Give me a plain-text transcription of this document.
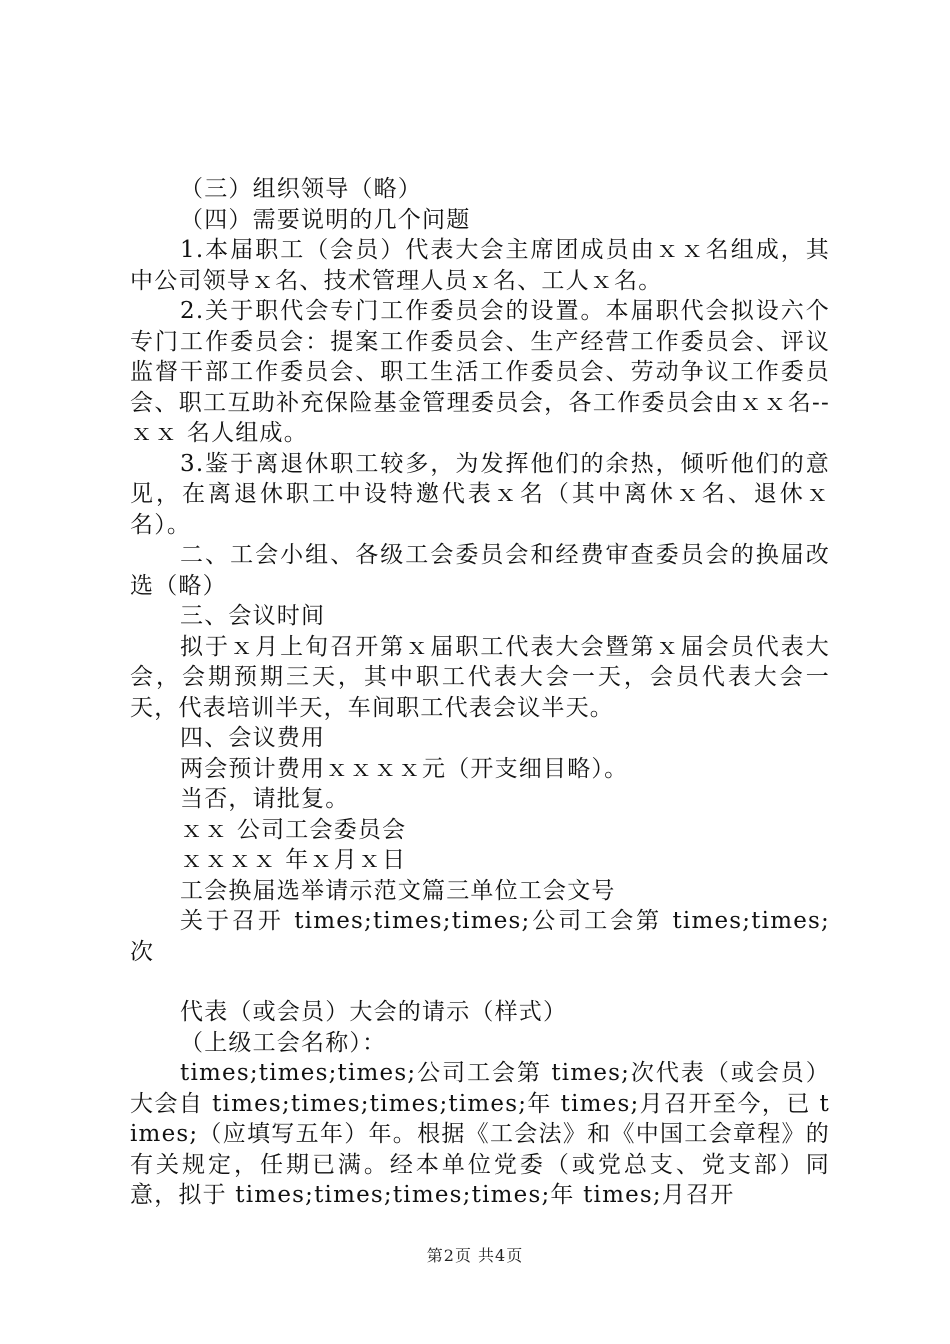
（三）组织领导（略）

（四）需要说明的几个问题

1.本届职工（会员）代表大会主席团成员由ｘｘ名组成，其中公司领导ｘ名、技术管理人员ｘ名、工人ｘ名。

2.关于职代会专门工作委员会的设置。本届职代会拟设六个专门工作委员会：提案工作委员会、生产经营工作委员会、评议监督干部工作委员会、职工生活工作委员会、劳动争议工作委员会、职工互助补充保险基金管理委员会，各工作委员会由ｘｘ名--ｘｘ 名人组成。

3.鉴于离退休职工较多，为发挥他们的余热，倾听他们的意见，在离退休职工中设特邀代表ｘ名（其中离休ｘ名、退休ｘ名）。

二、工会小组、各级工会委员会和经费审查委员会的换届改选（略）

三、会议时间

拟于ｘ月上旬召开第ｘ届职工代表大会暨第ｘ届会员代表大会，会期预期三天，其中职工代表大会一天，会员代表大会一天，代表培训半天，车间职工代表会议半天。

四、会议费用

两会预计费用ｘｘｘｘ元（开支细目略）。

当否，请批复。

ｘｘ 公司工会委员会

ｘｘｘｘ 年ｘ月ｘ日

工会换届选举请示范文篇三单位工会文号

关于召开 times;times;times;公司工会第 times;times;次

代表（或会员）大会的请示（样式）

（上级工会名称）：

times;times;times;公司工会第 times;次代表（或会员）大会自 times;times;times;times;年 times;月召开至今，已 times;（应填写五年）年。根据《工会法》和《中国工会章程》的有关规定，任期已满。经本单位党委（或党总支、党支部）同意，拟于 times;times;times;times;年 times;月召开

第2页 共4页
